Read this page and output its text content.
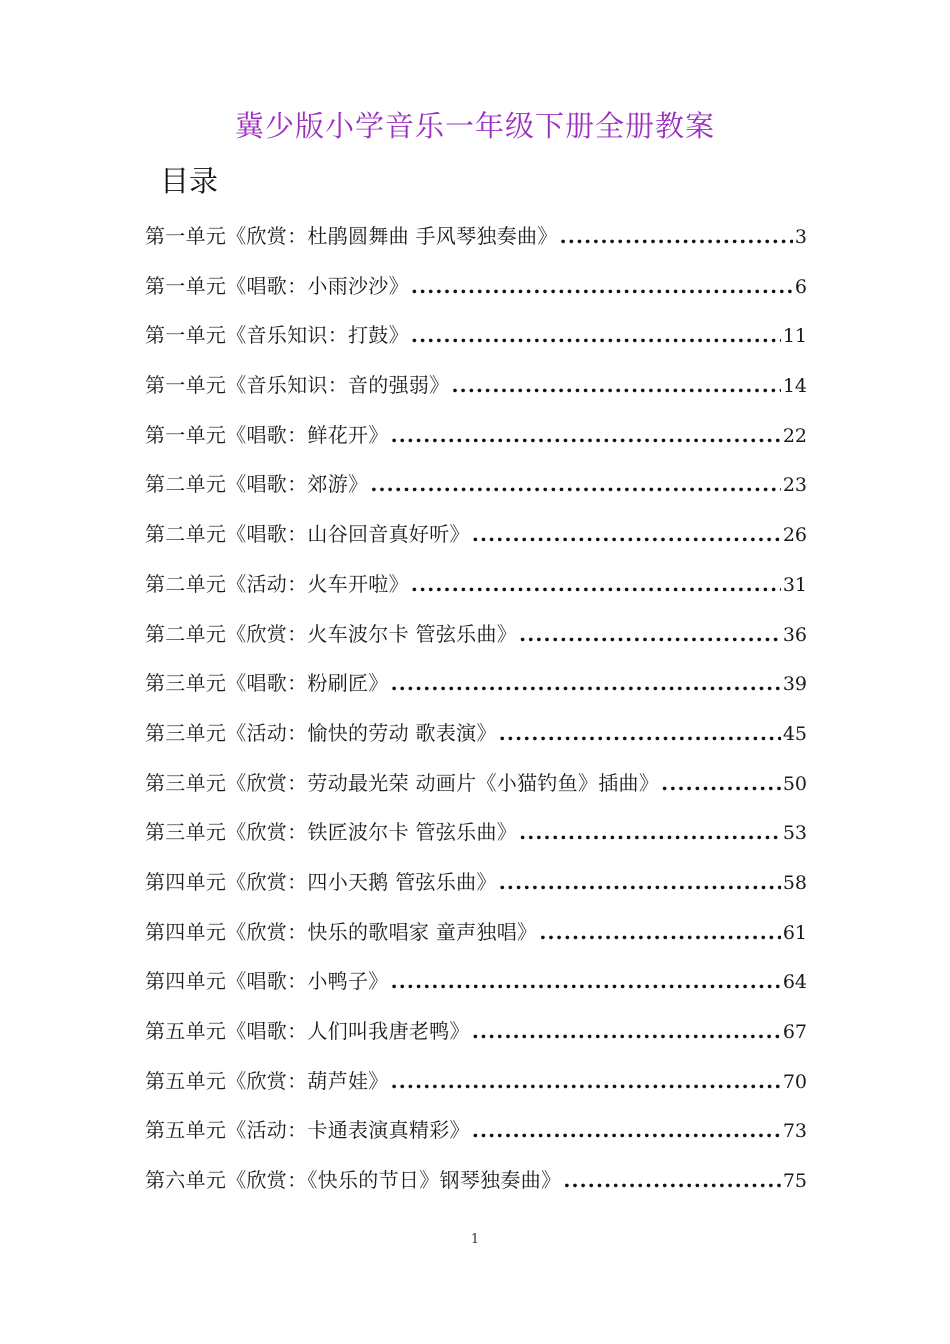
冀少版小学音乐一年级下册全册教案
目录
第一单元《欣赏：杜鹃圆舞曲 手风琴独奏曲》 .....	3
第一单元《唱歌：小雨沙沙》 .....	6
第一单元《音乐知识：打鼓》 .....	11
第一单元《音乐知识：音的强弱》 .....	14
第一单元《唱歌：鲜花开》 .....	22
第二单元《唱歌：郊游》 .....	23
第二单元《唱歌：山谷回音真好听》 .....	26
第二单元《活动：火车开啦》 .....	31
第二单元《欣赏：火车波尔卡 管弦乐曲》 .....	36
第三单元《唱歌：粉刷匠》 .....	39
第三单元《活动：愉快的劳动 歌表演》 .....	45
第三单元《欣赏：劳动最光荣 动画片《小猫钓鱼》插曲》 .....	50
第三单元《欣赏：铁匠波尔卡 管弦乐曲》 .....	53
第四单元《欣赏：四小天鹅 管弦乐曲》 .....	58
第四单元《欣赏：快乐的歌唱家 童声独唱》 .....	61
第四单元《唱歌：小鸭子》 .....	64
第五单元《唱歌：人们叫我唐老鸭》 .....	67
第五单元《欣赏：葫芦娃》 .....	70
第五单元《活动：卡通表演真精彩》 .....	73
第六单元《欣赏：《快乐的节日》钢琴独奏曲》 .....	75
1
